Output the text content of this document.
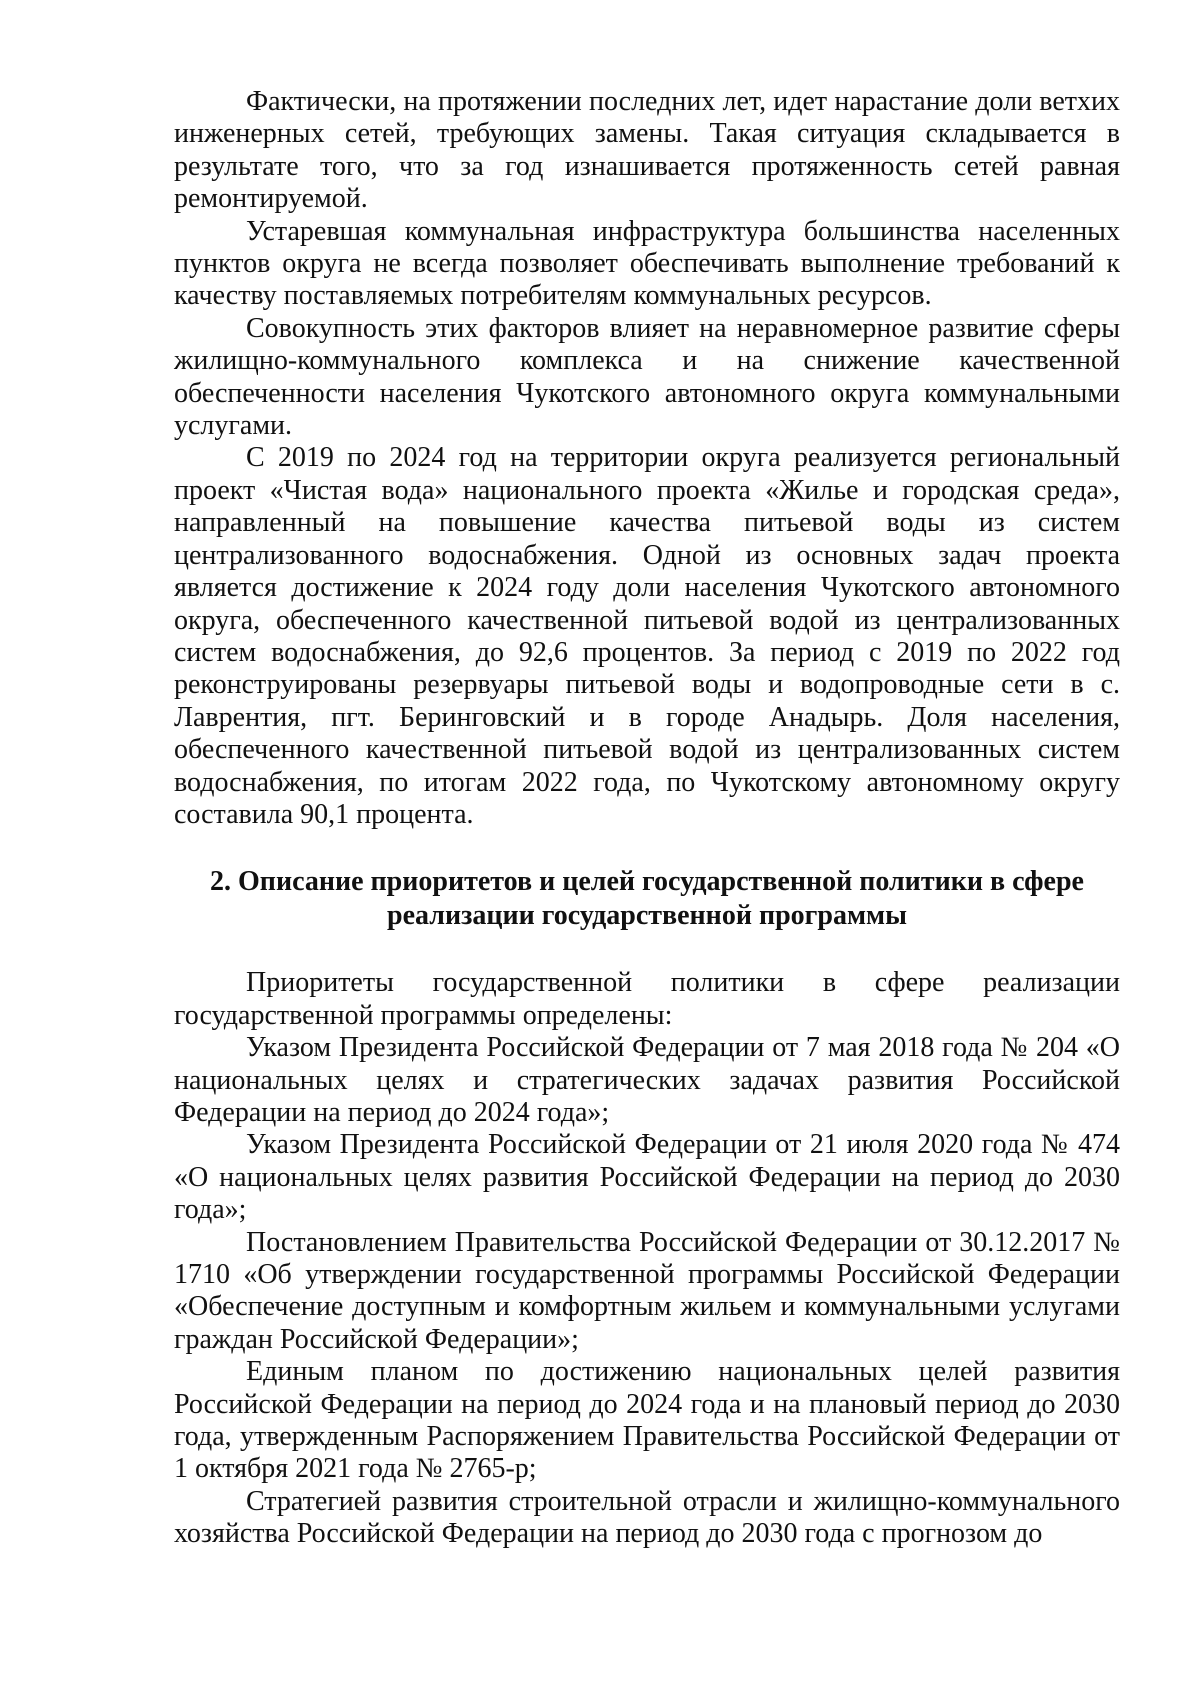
Фактически, на протяжении последних лет, идет нарастание доли ветхих инженерных сетей, требующих замены. Такая ситуация складывается в результате того, что за год изнашивается протяженность сетей равная ремонтируемой.

Устаревшая коммунальная инфраструктура большинства населенных пунктов округа не всегда позволяет обеспечивать выполнение требований к качеству поставляемых потребителям коммунальных ресурсов.

Совокупность этих факторов влияет на неравномерное развитие сферы жилищно-коммунального комплекса и на снижение качественной обеспеченности населения Чукотского автономного округа коммунальными услугами.

С 2019 по 2024 год на территории округа реализуется региональный проект «Чистая вода» национального проекта «Жилье и городская среда», направленный на повышение качества питьевой воды из систем централизованного водоснабжения. Одной из основных задач проекта является достижение к 2024 году доли населения Чукотского автономного округа, обеспеченного качественной питьевой водой из централизованных систем водоснабжения, до 92,6 процентов. За период с 2019 по 2022 год реконструированы резервуары питьевой воды и водопроводные сети в с. Лаврентия, пгт. Беринговский и в городе Анадырь. Доля населения, обеспеченного качественной питьевой водой из централизованных систем водоснабжения, по итогам 2022 года, по Чукотскому автономному округу составила 90,1 процента.

2. Описание приоритетов и целей государственной политики в сфере
реализации государственной программы

Приоритеты государственной политики в сфере реализации государственной программы определены:

Указом Президента Российской Федерации от 7 мая 2018 года № 204 «О национальных целях и стратегических задачах развития Российской Федерации на период до 2024 года»;

Указом Президента Российской Федерации от 21 июля 2020 года № 474 «О национальных целях развития Российской Федерации на период до 2030 года»;

Постановлением Правительства Российской Федерации от 30.12.2017 № 1710 «Об утверждении государственной программы Российской Федерации «Обеспечение доступным и комфортным жильем и коммунальными услугами граждан Российской Федерации»;

Единым планом по достижению национальных целей развития Российской Федерации на период до 2024 года и на плановый период до 2030 года, утвержденным Распоряжением Правительства Российской Федерации от 1 октября 2021 года № 2765-р;

Стратегией развития строительной отрасли и жилищно-коммунального хозяйства Российской Федерации на период до 2030 года с прогнозом до
